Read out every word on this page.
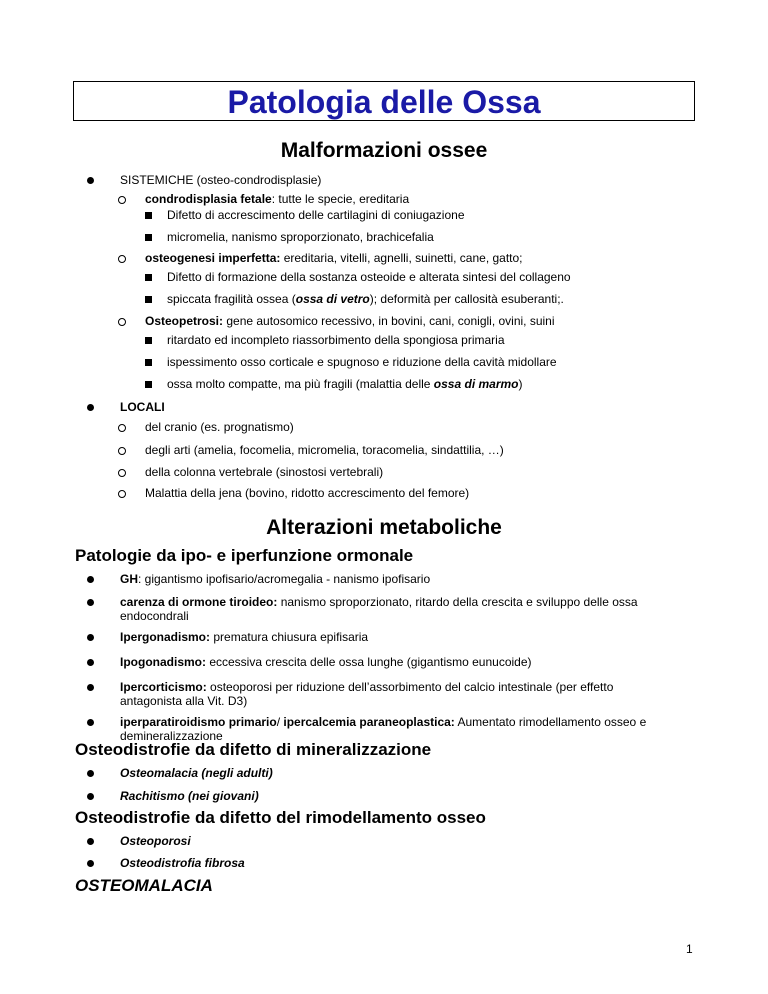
Patologia delle Ossa
Malformazioni ossee
SISTEMICHE (osteo-condrodisplasie)
condrodisplasia fetale: tutte le specie, ereditaria
Difetto di accrescimento delle cartilagini di coniugazione
micromelia, nanismo sproporzionato, brachicefalia
osteogenesi imperfetta: ereditaria, vitelli, agnelli, suinetti, cane, gatto;
Difetto di formazione della sostanza osteoide e alterata sintesi del collageno
spiccata fragilità ossea (ossa di vetro); deformità per callosità esuberanti;.
Osteopetrosi: gene autosomico recessivo, in bovini, cani, conigli, ovini, suini
ritardato ed incompleto riassorbimento della spongiosa primaria
ispessimento osso corticale e spugnoso e riduzione della cavità midollare
ossa molto compatte, ma più fragili (malattia delle ossa di marmo)
LOCALI
del cranio (es. prognatismo)
degli arti (amelia, focomelia, micromelia, toracomelia, sindattilia, …)
della colonna vertebrale (sinostosi vertebrali)
Malattia della jena (bovino, ridotto accrescimento del femore)
Alterazioni metaboliche
Patologie da ipo- e iperfunzione ormonale
GH: gigantismo ipofisario/acromegalia - nanismo ipofisario
carenza di ormone tiroideo: nanismo sproporzionato, ritardo della crescita e sviluppo delle ossa
endocondrali
Ipergonadismo: prematura chiusura epifisaria
Ipogonadismo: eccessiva crescita delle ossa lunghe (gigantismo eunucoide)
Ipercorticismo: osteoporosi per riduzione dell’assorbimento del calcio intestinale (per effetto
antagonista alla Vit. D3)
iperparatiroidismo primario/ ipercalcemia paraneoplastica: Aumentato rimodellamento osseo e
demineralizzazione
Osteodistrofie da difetto di mineralizzazione
Osteomalacia (negli adulti)
Rachitismo (nei giovani)
Osteodistrofie da difetto del rimodellamento osseo
Osteoporosi
Osteodistrofia fibrosa
OSTEOMALACIA
1
